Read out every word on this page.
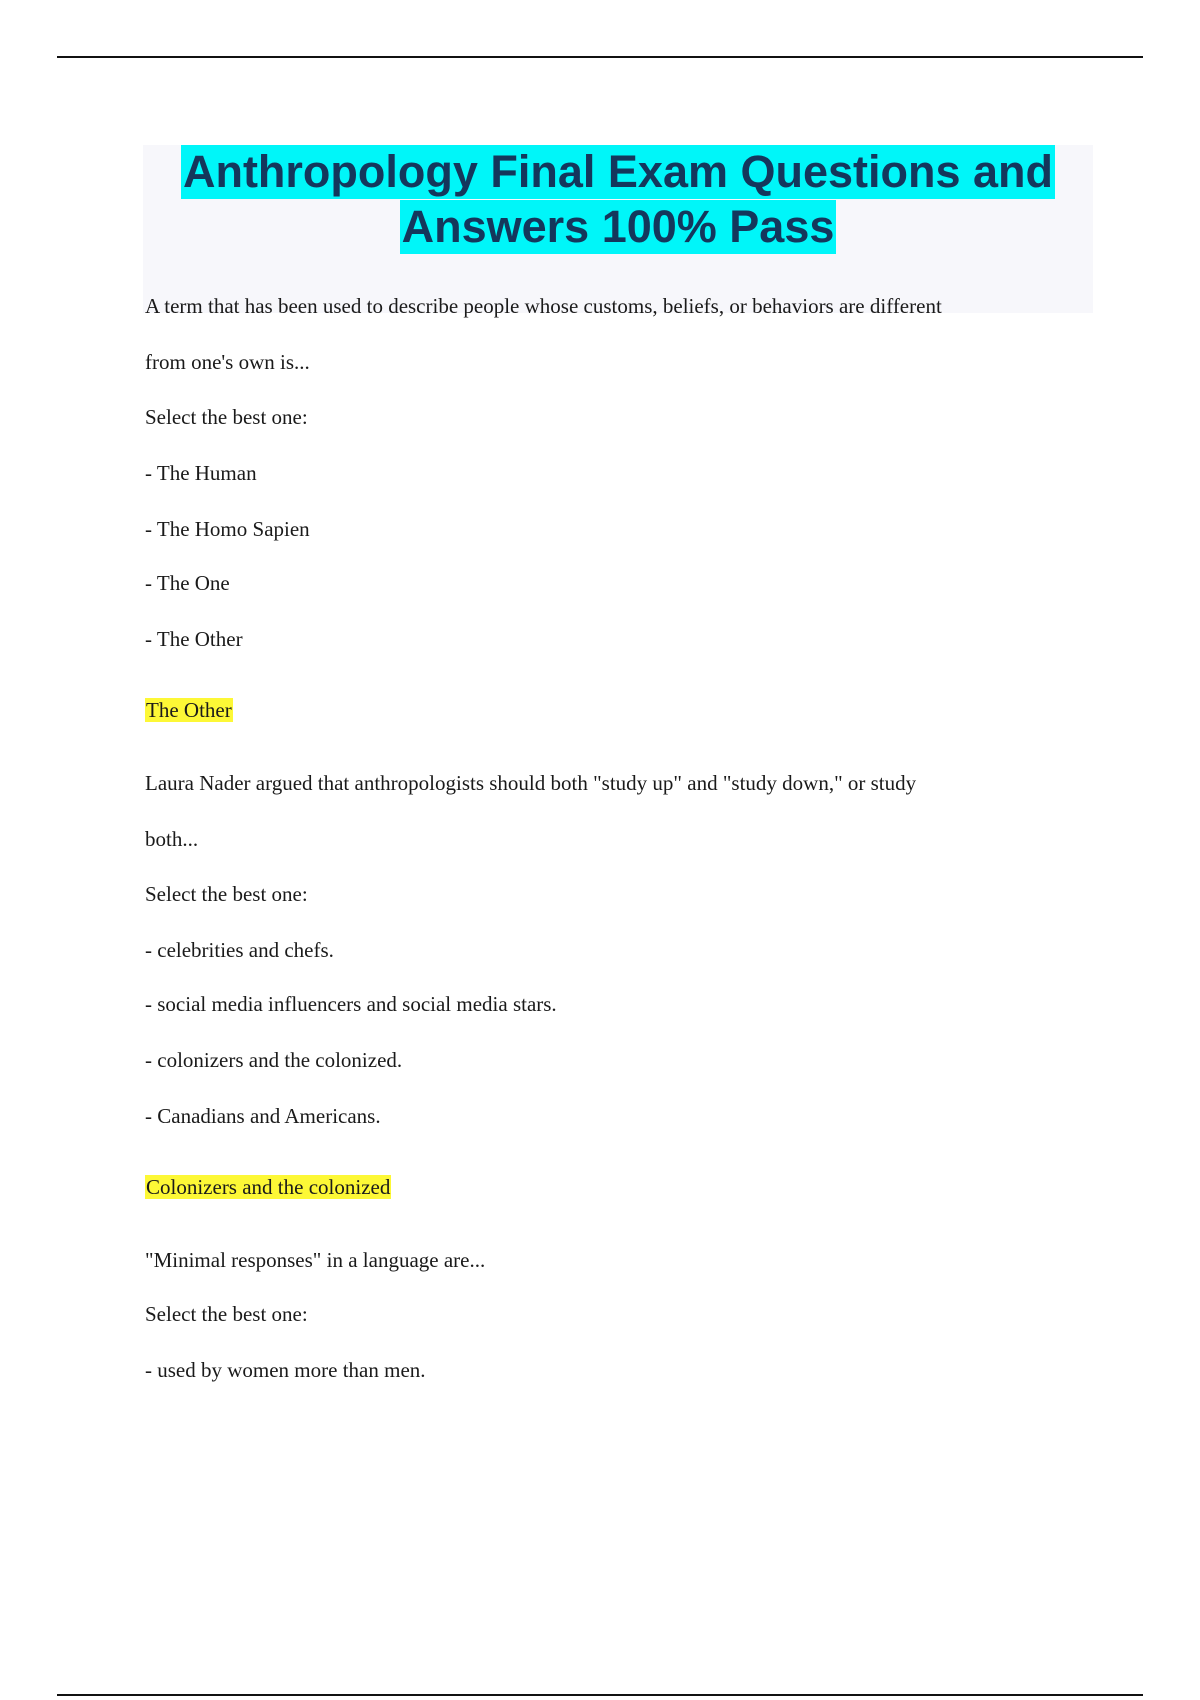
Anthropology Final Exam Questions and
Answers 100% Pass

A term that has been used to describe people whose customs, beliefs, or behaviors are different

from one's own is...

Select the best one:

- The Human

- The Homo Sapien

- The One

- The Other

The Other

Laura Nader argued that anthropologists should both "study up" and "study down," or study

both...

Select the best one:

- celebrities and chefs.

- social media influencers and social media stars.

- colonizers and the colonized.

- Canadians and Americans.

Colonizers and the colonized

"Minimal responses" in a language are...

Select the best one:

- used by women more than men.
